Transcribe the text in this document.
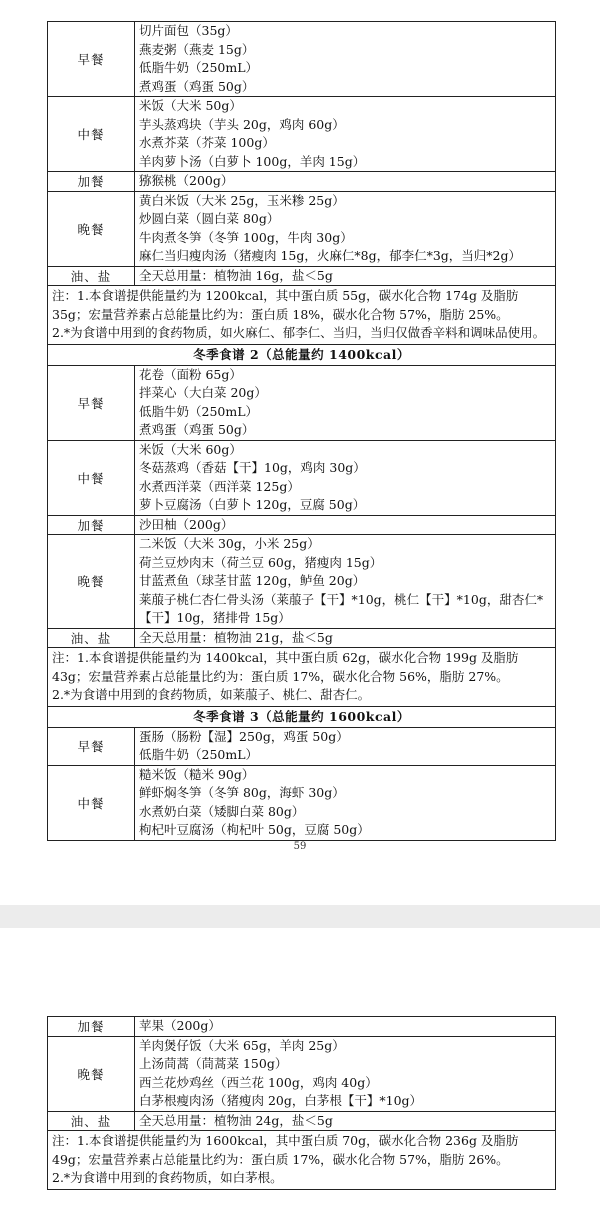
早餐	切片面包（35g）
燕麦粥（燕麦 15g）
低脂牛奶（250mL）
煮鸡蛋（鸡蛋 50g）

中餐	米饭（大米 50g）
芋头蒸鸡块（芋头 20g，鸡肉 60g）
水煮芥菜（芥菜 100g）
羊肉萝卜汤（白萝卜 100g，羊肉 15g）

加餐	猕猴桃（200g）

晚餐	黄白米饭（大米 25g，玉米糁 25g）
炒圆白菜（圆白菜 80g）
牛肉煮冬笋（冬笋 100g，牛肉 30g）
麻仁当归瘦肉汤（猪瘦肉 15g，火麻仁*8g，郁李仁*3g，当归*2g）

油、盐	全天总用量：植物油 16g，盐＜5g

注：1.本食谱提供能量约为 1200kcal，其中蛋白质 55g，碳水化合物 174g 及脂肪 35g；宏量营养素占总能量比约为：蛋白质 18%，碳水化合物 57%，脂肪 25%。
2.*为食谱中用到的食药物质，如火麻仁、郁李仁、当归，当归仅做香辛料和调味品使用。	

冬季食谱 2（总能量约 1400kcal）	
早餐	花卷（面粉 65g）
拌菜心（大白菜 20g）
低脂牛奶（250mL）
煮鸡蛋（鸡蛋 50g）

中餐	米饭（大米 60g）
冬菇蒸鸡（香菇【干】10g，鸡肉 30g）
水煮西洋菜（西洋菜 125g）
萝卜豆腐汤（白萝卜 120g，豆腐 50g）

加餐	沙田柚（200g）

晚餐	二米饭（大米 30g，小米 25g）
荷兰豆炒肉末（荷兰豆 60g，猪瘦肉 15g）
甘蓝煮鱼（球茎甘蓝 120g，鲈鱼 20g）
莱菔子桃仁杏仁骨头汤（莱菔子【干】*10g，桃仁【干】*10g，甜杏仁*【干】10g，猪排骨 15g）

油、盐	全天总用量：植物油 21g，盐＜5g

注：1.本食谱提供能量约为 1400kcal，其中蛋白质 62g，碳水化合物 199g 及脂肪 43g；宏量营养素占总能量比约为：蛋白质 17%，碳水化合物 56%，脂肪 27%。
2.*为食谱中用到的食药物质，如莱菔子、桃仁、甜杏仁。	

冬季食谱 3（总能量约 1600kcal）	
早餐	蛋肠（肠粉【湿】250g，鸡蛋 50g）
低脂牛奶（250mL）

中餐	糙米饭（糙米 90g）
鲜虾焖冬笋（冬笋 80g，海虾 30g）
水煮奶白菜（矮脚白菜 80g）
枸杞叶豆腐汤（枸杞叶 50g，豆腐 50g）
59
加餐	苹果（200g）

晚餐	羊肉煲仔饭（大米 65g，羊肉 25g）
上汤茼蒿（茼蒿菜 150g）
西兰花炒鸡丝（西兰花 100g，鸡肉 40g）
白茅根瘦肉汤（猪瘦肉 20g，白茅根【干】*10g）

油、盐	全天总用量：植物油 24g，盐＜5g

注：1.本食谱提供能量约为 1600kcal，其中蛋白质 70g，碳水化合物 236g 及脂肪 49g；宏量营养素占总能量比约为：蛋白质 17%，碳水化合物 57%，脂肪 26%。
2.*为食谱中用到的食药物质，如白茅根。	
